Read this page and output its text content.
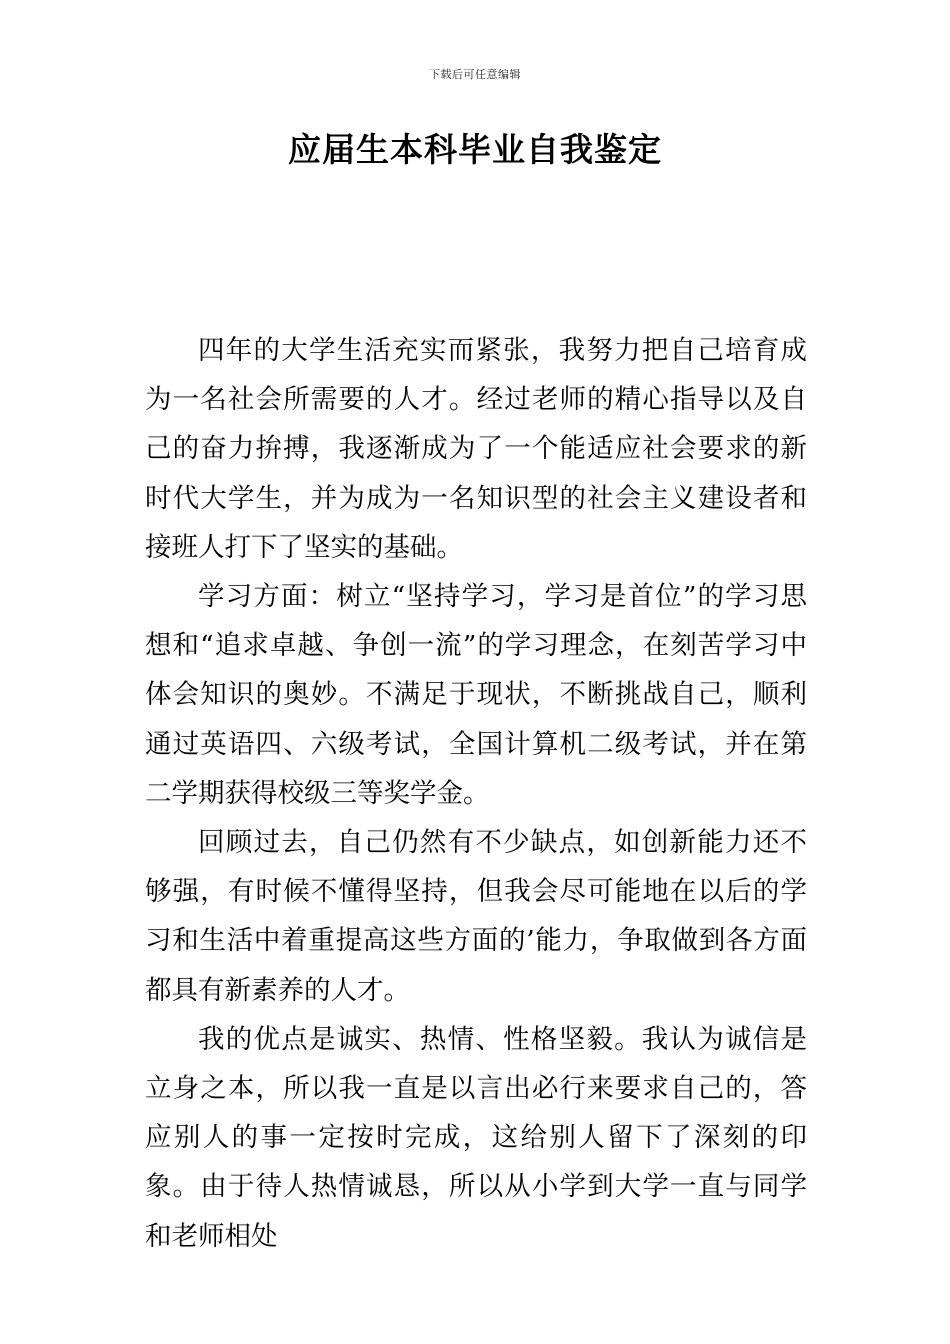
下载后可任意编辑
应届生本科毕业自我鉴定

四年的大学生活充实而紧张，我努力把自己培育成为一名社会所需要的人才。经过老师的精心指导以及自己的奋力拚搏，我逐渐成为了一个能适应社会要求的新时代大学生，并为成为一名知识型的社会主义建设者和接班人打下了坚实的基础。

学习方面：树立“坚持学习，学习是首位”的学习思想和“追求卓越、争创一流”的学习理念，在刻苦学习中体会知识的奥妙。不满足于现状，不断挑战自己，顺利通过英语四、六级考试，全国计算机二级考试，并在第二学期获得校级三等奖学金。

回顾过去，自己仍然有不少缺点，如创新能力还不够强，有时候不懂得坚持，但我会尽可能地在以后的学习和生活中着重提高这些方面的’能力，争取做到各方面都具有新素养的人才。

我的优点是诚实、热情、性格坚毅。我认为诚信是立身之本，所以我一直是以言出必行来要求自己的，答应别人的事一定按时完成，这给别人留下了深刻的印象。由于待人热情诚恳，所以从小学到大学一直与同学和老师相处
